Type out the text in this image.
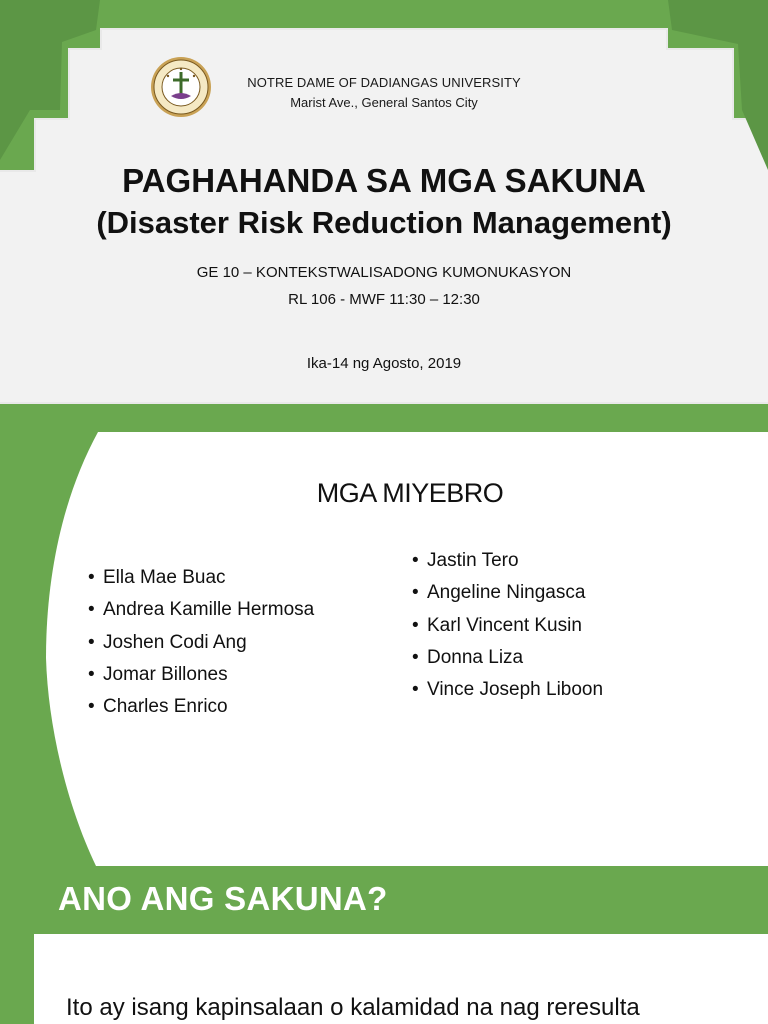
NOTRE DAME OF DADIANGAS UNIVERSITY
Marist Ave., General Santos City
PAGHAHANDA SA MGA SAKUNA
(Disaster Risk Reduction Management)
GE 10 – KONTEKSTWALISADONG KUMONUKASYON
RL 106 - MWF 11:30 – 12:30
Ika-14 ng Agosto, 2019
MGA MIYEBRO
• Ella Mae Buac
• Andrea Kamille Hermosa
• Joshen Codi Ang
• Jomar Billones
• Charles Enrico
• Jastin Tero
• Angeline Ningasca
• Karl Vincent Kusin
• Donna Liza
• Vince Joseph Liboon
ANO ANG SAKUNA?
Ito ay isang kapinsalaan o kalamidad na nag reresulta
